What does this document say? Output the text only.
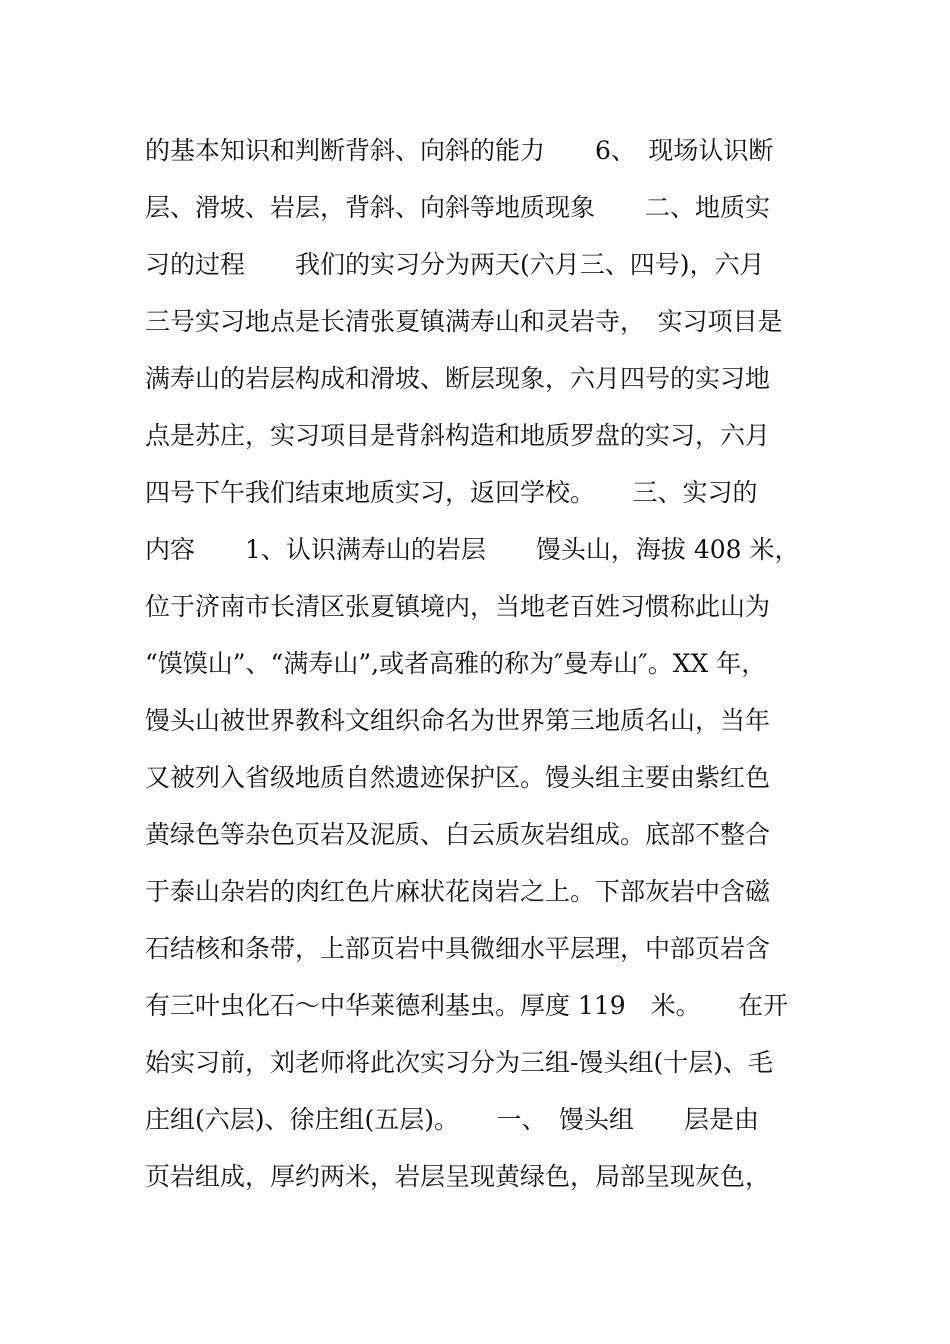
的基本知识和判断背斜、向斜的能力　　6、　现场认识断
层、滑坡、岩层，背斜、向斜等地质现象　　二、地质实
习的过程　　我们的实习分为两天(六月三、四号)，六月
三号实习地点是长清张夏镇满寿山和灵岩寺，　实习项目是
满寿山的岩层构成和滑坡、断层现象，六月四号的实习地
点是苏庄，实习项目是背斜构造和地质罗盘的实习，六月
四号下午我们结束地质实习，返回学校。　　三、实习的
内容　　1、认识满寿山的岩层　　馒头山，海拔 408 米，
位于济南市长清区张夏镇境内，当地老百姓习惯称此山为
“馍馍山”、“满寿山”,或者高雅的称为″曼寿山″。XX 年，
馒头山被世界教科文组织命名为世界第三地质名山，当年
又被列入省级地质自然遗迹保护区。馒头组主要由紫红色
黄绿色等杂色页岩及泥质、白云质灰岩组成。底部不整合
于泰山杂岩的肉红色片麻状花岗岩之上。下部灰岩中含磁
石结核和条带，上部页岩中具微细水平层理，中部页岩含
有三叶虫化石～中华莱德利基虫。厚度 119　米。　　在开
始实习前，刘老师将此次实习分为三组-馒头组(十层)、毛
庄组(六层)、徐庄组(五层)。　　一、　馒头组　　层是由
页岩组成，厚约两米，岩层呈现黄绿色，局部呈现灰色，
